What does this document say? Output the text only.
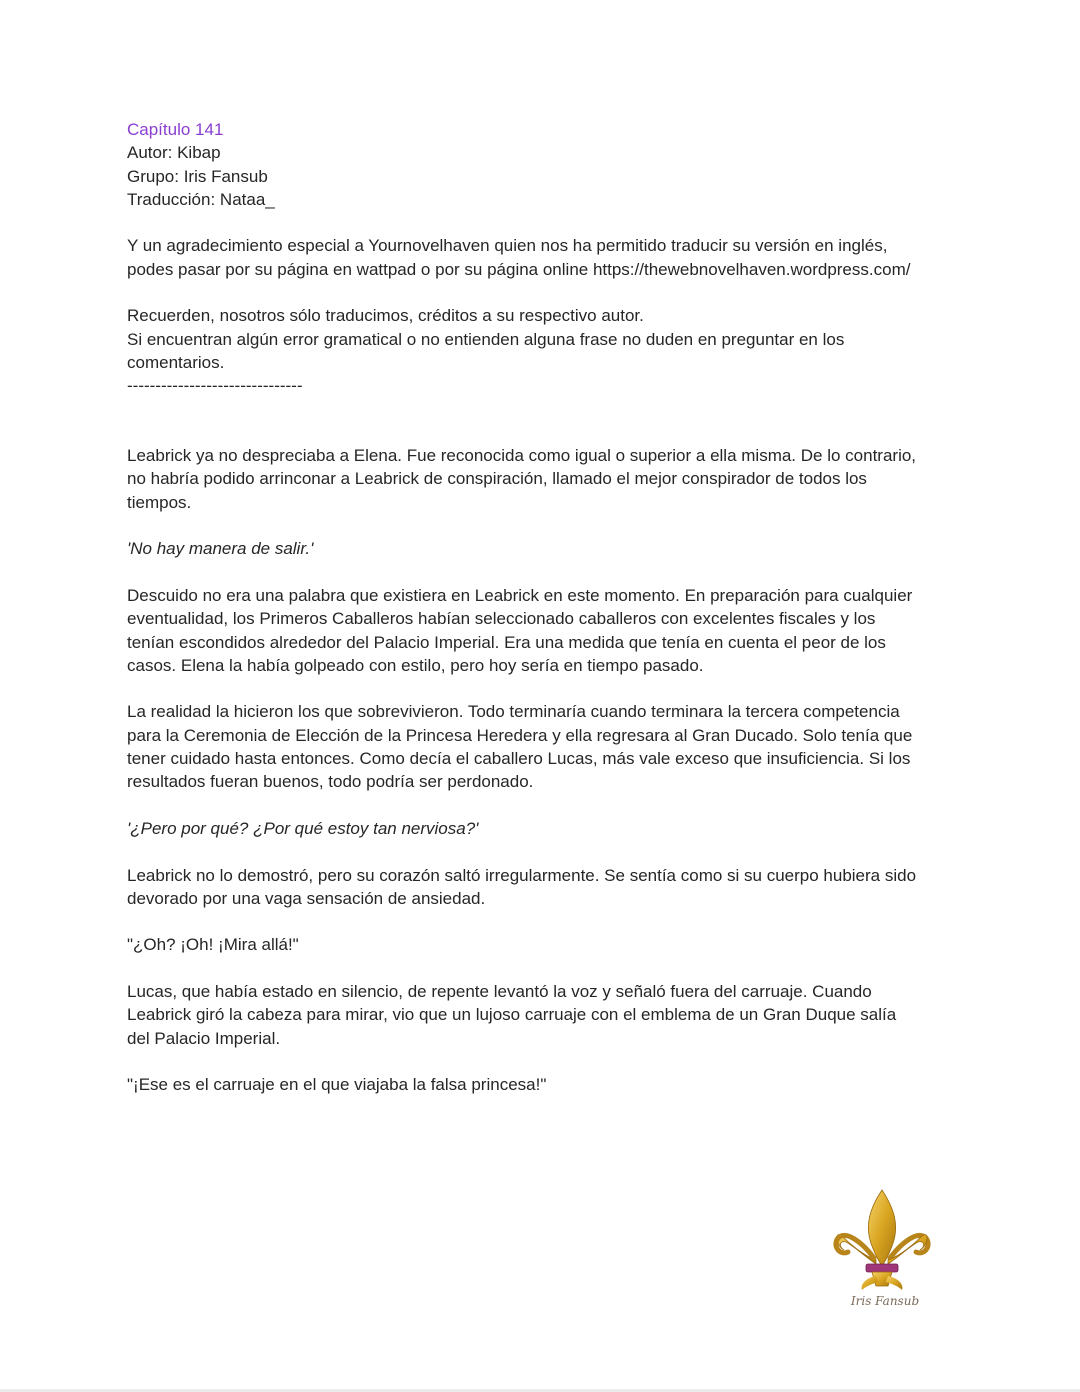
Capítulo 141
Autor: Kibap
Grupo: Iris Fansub
Traducción: Nataa_
Y un agradecimiento especial a Yournovelhaven quien nos ha permitido traducir su versión en inglés,
podes pasar por su página en wattpad o por su página online https://thewebnovelhaven.wordpress.com/
Recuerden, nosotros sólo traducimos, créditos a su respectivo autor.
Si encuentran algún error gramatical o no entienden alguna frase no duden en preguntar en los
comentarios.
-------------------------------
Leabrick ya no despreciaba a Elena. Fue reconocida como igual o superior a ella misma. De lo contrario,
no habría podido arrinconar a Leabrick de conspiración, llamado el mejor conspirador de todos los
tiempos.
'No hay manera de salir.'
Descuido no era una palabra que existiera en Leabrick en este momento. En preparación para cualquier
eventualidad, los Primeros Caballeros habían seleccionado caballeros con excelentes fiscales y los
tenían escondidos alrededor del Palacio Imperial. Era una medida que tenía en cuenta el peor de los
casos. Elena la había golpeado con estilo, pero hoy sería en tiempo pasado.
La realidad la hicieron los que sobrevivieron. Todo terminaría cuando terminara la tercera competencia
para la Ceremonia de Elección de la Princesa Heredera y ella regresara al Gran Ducado. Solo tenía que
tener cuidado hasta entonces. Como decía el caballero Lucas, más vale exceso que insuficiencia. Si los
resultados fueran buenos, todo podría ser perdonado.
'¿Pero por qué? ¿Por qué estoy tan nerviosa?'
Leabrick no lo demostró, pero su corazón saltó irregularmente. Se sentía como si su cuerpo hubiera sido
devorado por una vaga sensación de ansiedad.
"¿Oh? ¡Oh! ¡Mira allá!"
Lucas, que había estado en silencio, de repente levantó la voz y señaló fuera del carruaje. Cuando
Leabrick giró la cabeza para mirar, vio que un lujoso carruaje con el emblema de un Gran Duque salía
del Palacio Imperial.
"¡Ese es el carruaje en el que viajaba la falsa princesa!"
Iris Fansub
